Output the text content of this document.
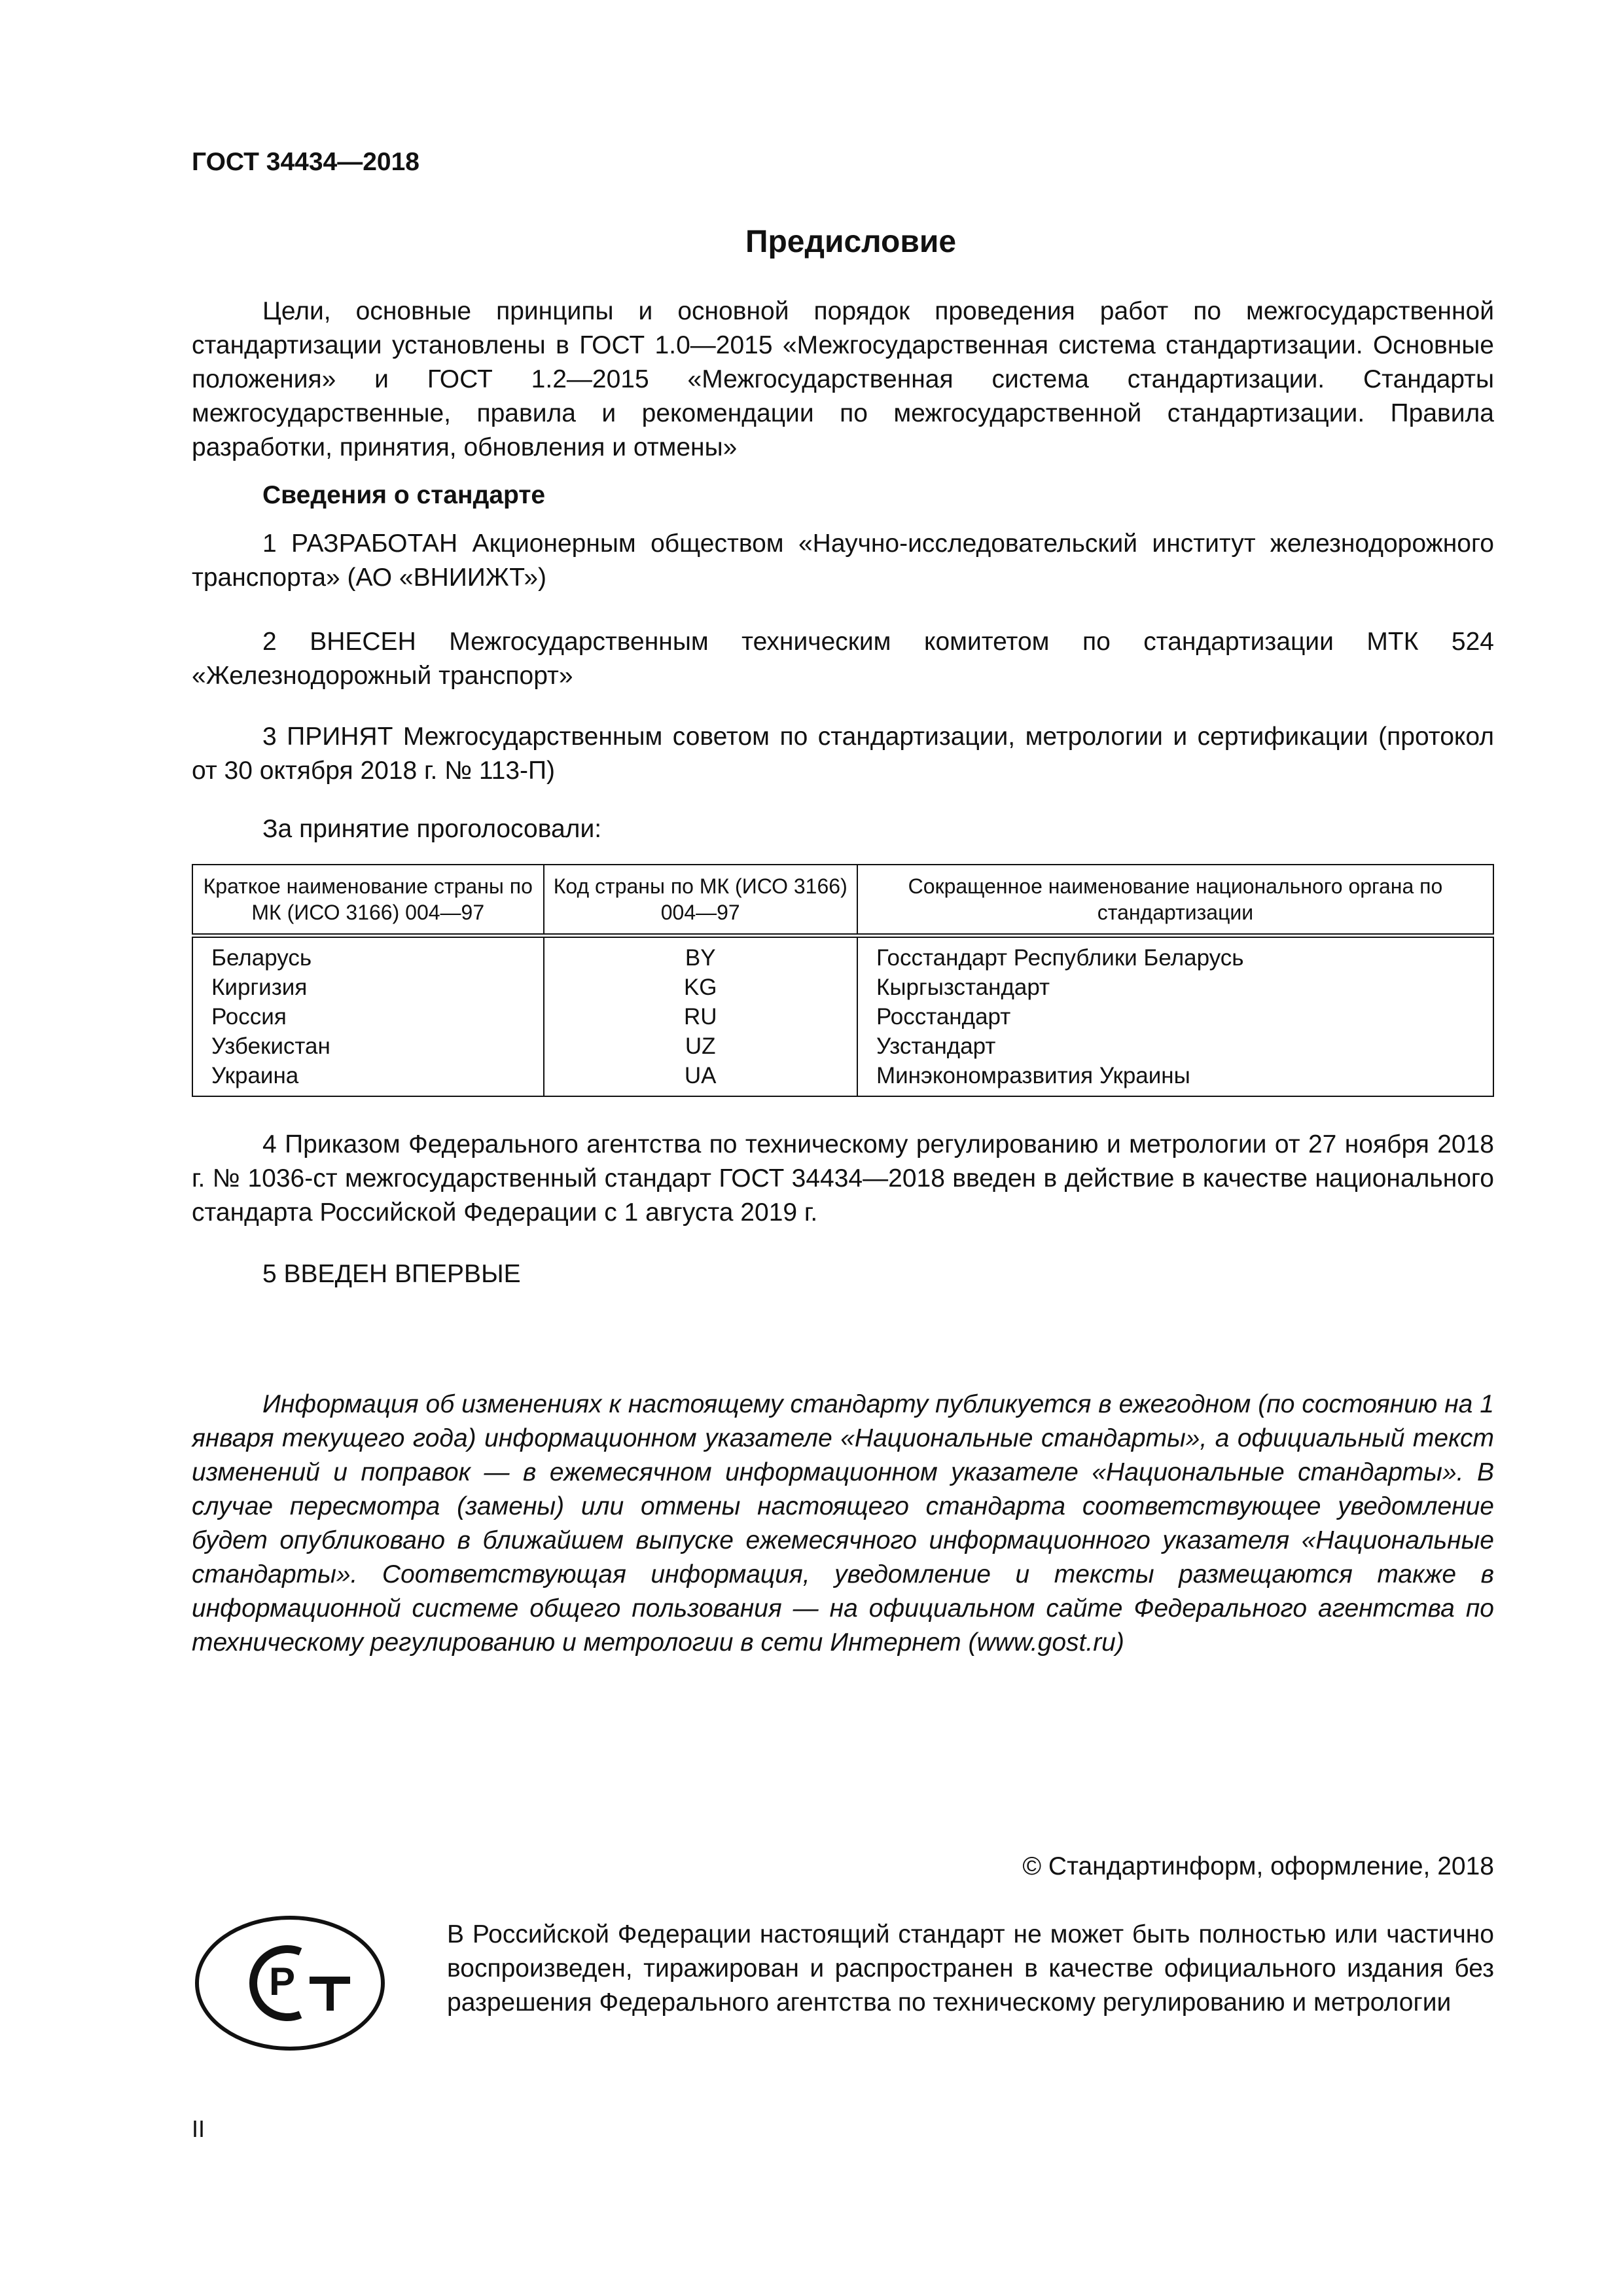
ГОСТ 34434—2018
Предисловие
Цели, основные принципы и основной порядок проведения работ по межгосударственной стандартизации установлены в ГОСТ 1.0—2015 «Межгосударственная система стандартизации. Основные положения» и ГОСТ 1.2—2015 «Межгосударственная система стандартизации. Стандарты межгосударственные, правила и рекомендации по межгосударственной стандартизации. Правила разработки, принятия, обновления и отмены»
Сведения о стандарте
1 РАЗРАБОТАН Акционерным обществом «Научно-исследовательский институт железнодорожного транспорта» (АО «ВНИИЖТ»)
2 ВНЕСЕН Межгосударственным техническим комитетом по стандартизации МТК 524 «Железнодорожный транспорт»
3 ПРИНЯТ Межгосударственным советом по стандартизации, метрологии и сертификации (протокол от 30 октября 2018 г. № 113-П)
За принятие проголосовали:
Краткое наименование страны по МК (ИСО 3166) 004—97	Код страны по МК (ИСО 3166) 004—97	Сокращенное наименование национального органа по стандартизации
Беларусь	BY	Госстандарт Республики Беларусь
Киргизия	KG	Кыргызстандарт
Россия	RU	Росстандарт
Узбекистан	UZ	Узстандарт
Украина	UA	Минэкономразвития Украины
4 Приказом Федерального агентства по техническому регулированию и метрологии от 27 ноября 2018 г. № 1036-ст межгосударственный стандарт ГОСТ 34434—2018 введен в действие в качестве национального стандарта Российской Федерации с 1 августа 2019 г.
5 ВВЕДЕН ВПЕРВЫЕ
Информация об изменениях к настоящему стандарту публикуется в ежегодном (по состоянию на 1 января текущего года) информационном указателе «Национальные стандарты», а официальный текст изменений и поправок — в ежемесячном информационном указателе «Национальные стандарты». В случае пересмотра (замены) или отмены настоящего стандарта соответствующее уведомление будет опубликовано в ближайшем выпуске ежемесячного информационного указателя «Национальные стандарты». Соответствующая информация, уведомление и тексты размещаются также в информационной системе общего пользования — на официальном сайте Федерального агентства по техническому регулированию и метрологии в сети Интернет (www.gost.ru)
© Стандартинформ, оформление, 2018
P
В Российской Федерации настоящий стандарт не может быть полностью или частично воспроизведен, тиражирован и распространен в качестве официального издания без разрешения Федерального агентства по техническому регулированию и метрологии
II
